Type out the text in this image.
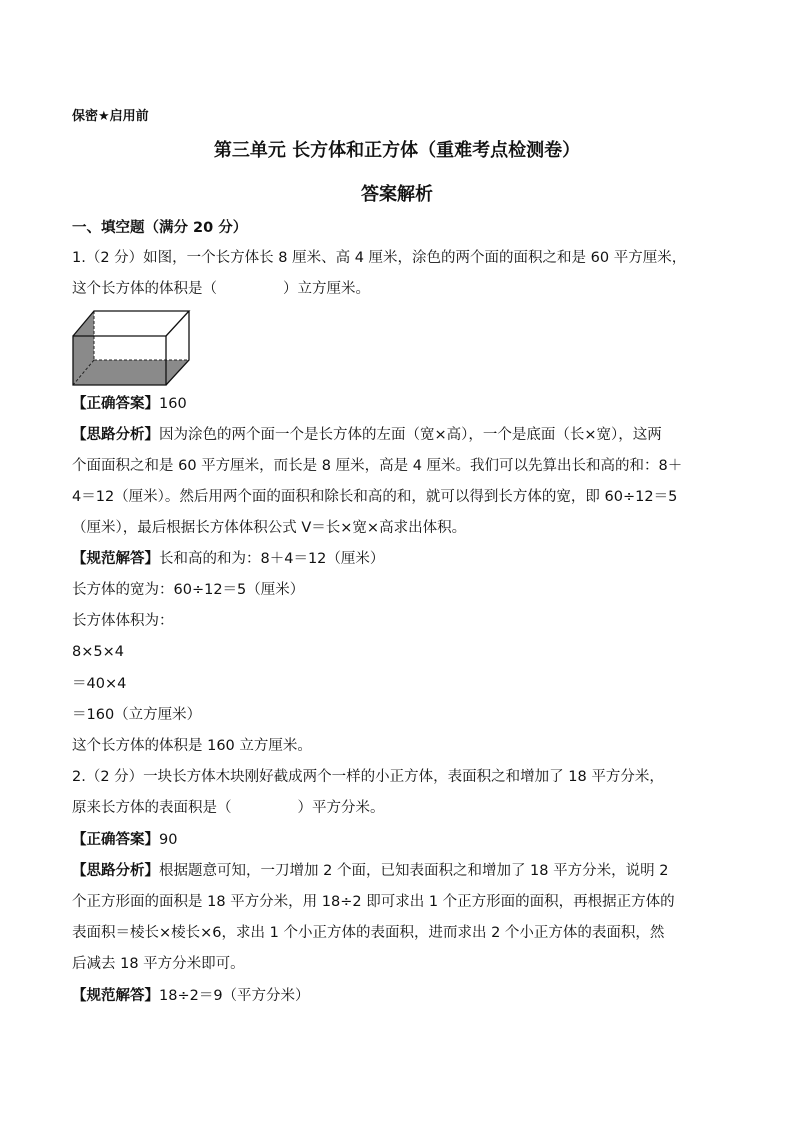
保密★启用前
第三单元 长方体和正方体（重难考点检测卷）
答案解析
一、填空题（满分 20 分）
1.（2 分）如图，一个长方体长 8 厘米、高 4 厘米，涂色的两个面的面积之和是 60 平方厘米，
这个长方体的体积是（	）立方厘米。
【正确答案】160
【思路分析】因为涂色的两个面一个是长方体的左面（宽×高），一个是底面（长×宽），这两
个面面积之和是 60 平方厘米，而长是 8 厘米，高是 4 厘米。我们可以先算出长和高的和：8＋
4＝12（厘米）。然后用两个面的面积和除长和高的和，就可以得到长方体的宽，即 60÷12＝5
（厘米），最后根据长方体体积公式 V＝长×宽×高求出体积。
【规范解答】长和高的和为：8＋4＝12（厘米）
长方体的宽为：60÷12＝5（厘米）
长方体体积为：
8×5×4
＝40×4
＝160（立方厘米）
这个长方体的体积是 160 立方厘米。
2.（2 分）一块长方体木块刚好截成两个一样的小正方体，表面积之和增加了 18 平方分米，
原来长方体的表面积是（	）平方分米。
【正确答案】90
【思路分析】根据题意可知，一刀增加 2 个面，已知表面积之和增加了 18 平方分米，说明 2
个正方形面的面积是 18 平方分米，用 18÷2 即可求出 1 个正方形面的面积，再根据正方体的
表面积＝棱长×棱长×6，求出 1 个小正方体的表面积，进而求出 2 个小正方体的表面积，然
后减去 18 平方分米即可。
【规范解答】18÷2＝9（平方分米）
